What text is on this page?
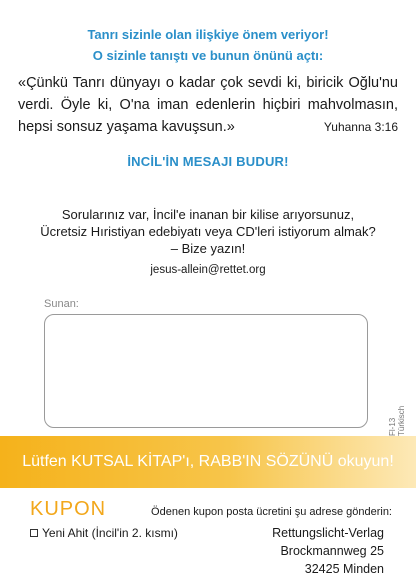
Tanrı sizinle olan ilişkiye önem veriyor!
O sizinle tanıştı ve bunun önünü açtı:
«Çünkü Tanrı dünyayı o kadar çok sevdi ki, biricik Oğlu'nu verdi. Öyle ki, O'na iman edenlerin hiçbiri mahvolmasın, hepsi sonsuz yaşama kavuşsun.»	Yuhanna 3:16
İNCİL'İN MESAJI BUDUR!
Sorularınız var, İncil'e inanan bir kilise arıyorsunuz, Ücretsiz Hıristiyan edebiyatı veya CD'leri istiyorum almak? – Bize yazın!
jesus-allein@rettet.org
Sunan:
Fl-13 Türkisch
Lütfen KUTSAL KİTAP'ı, RABB'IN SÖZÜNÜ okuyun!
KUPON
Yeni Ahit (İncil'in 2. kısmı)
Ödenen kupon posta ücretini şu adrese gönderin:
Rettungslicht-Verlag
Brockmannweg 25
32425 Minden
